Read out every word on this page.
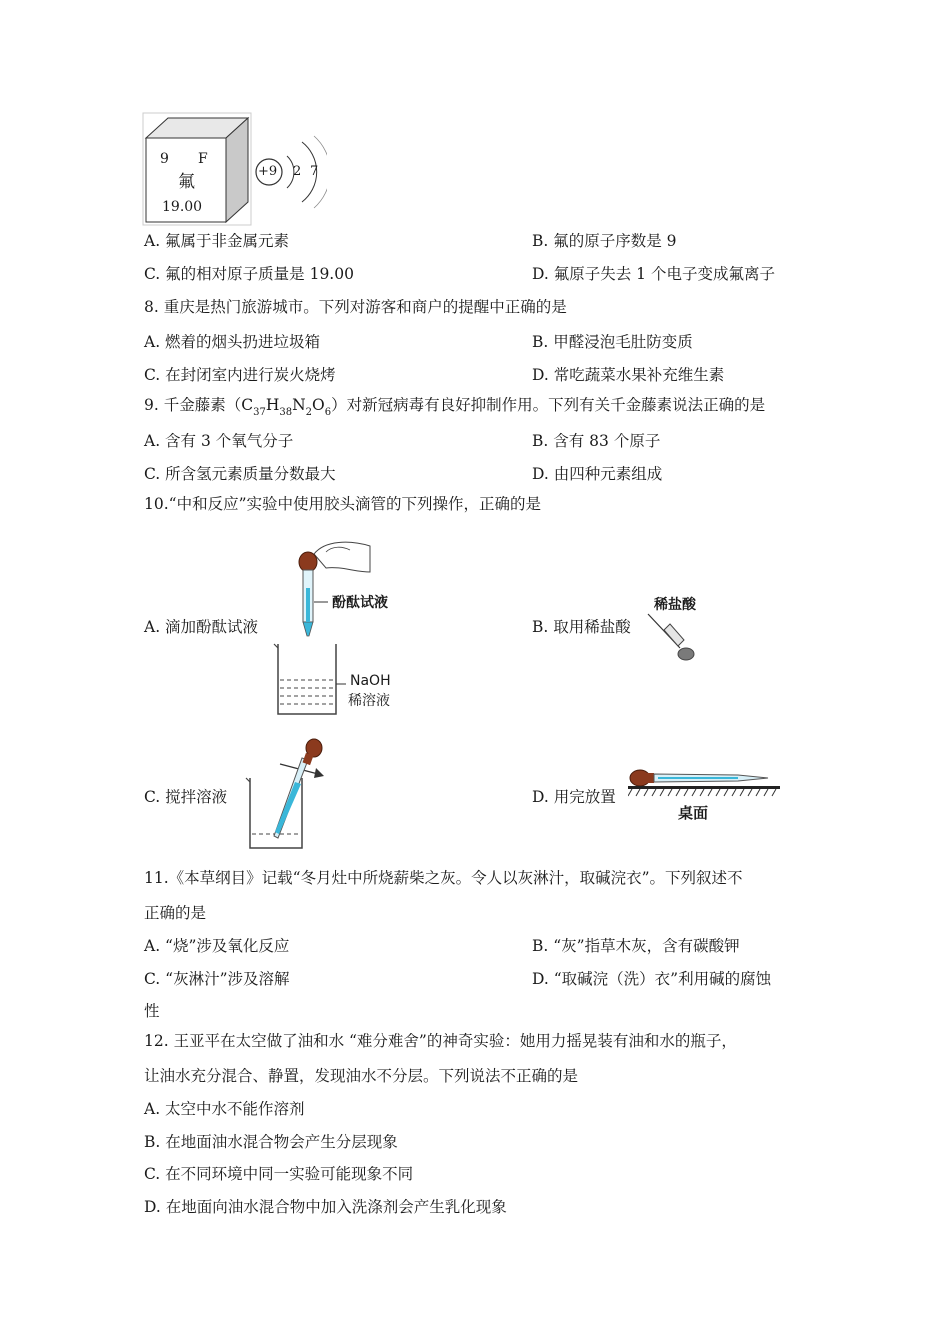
9 F
氟
19.00
+9 2 7
A. 氟属于非金属元素	B. 氟的原子序数是 9
C. 氟的相对原子质量是 19.00	D. 氟原子失去 1 个电子变成氟离子
8. 重庆是热门旅游城市。下列对游客和商户的提醒中正确的是
A. 燃着的烟头扔进垃圾箱	B. 甲醛浸泡毛肚防变质
C. 在封闭室内进行炭火烧烤	D. 常吃蔬菜水果补充维生素
9. 千金藤素$(C_{37}H_{38}N_2O_6)$对新冠病毒有良好抑制作用。下列有关千金藤素说法正确的是
A. 含有 3 个氧气分子	B. 含有 83 个原子
C. 所含氢元素质量分数最大	D. 由四种元素组成
10.“中和反应”实验中使用胶头滴管的下列操作，正确的是
A. 滴加酚酞试液	B. 取用稀盐酸
C. 搅拌溶液	D. 用完放置
酚酞试液
NaOH
稀溶液
稀盐酸
桌面
11.《本草纲目》记载“冬月灶中所烧薪柴之灰。令人以灰淋汁，取碱浣衣”。下列叙述不
正确的是
A. “烧”涉及氧化反应	B. “灰”指草木灰，含有碳酸钾
C. “灰淋汁”涉及溶解	D. “取碱浣（洗）衣”利用碱的腐蚀
性
12. 王亚平在太空做了油和水 “难分难舍”的神奇实验：她用力摇晃装有油和水的瓶子，
让油水充分混合、静置，发现油水不分层。下列说法不正确的是
A. 太空中水不能作溶剂
B. 在地面油水混合物会产生分层现象
C. 在不同环境中同一实验可能现象不同
D. 在地面向油水混合物中加入洗涤剂会产生乳化现象
